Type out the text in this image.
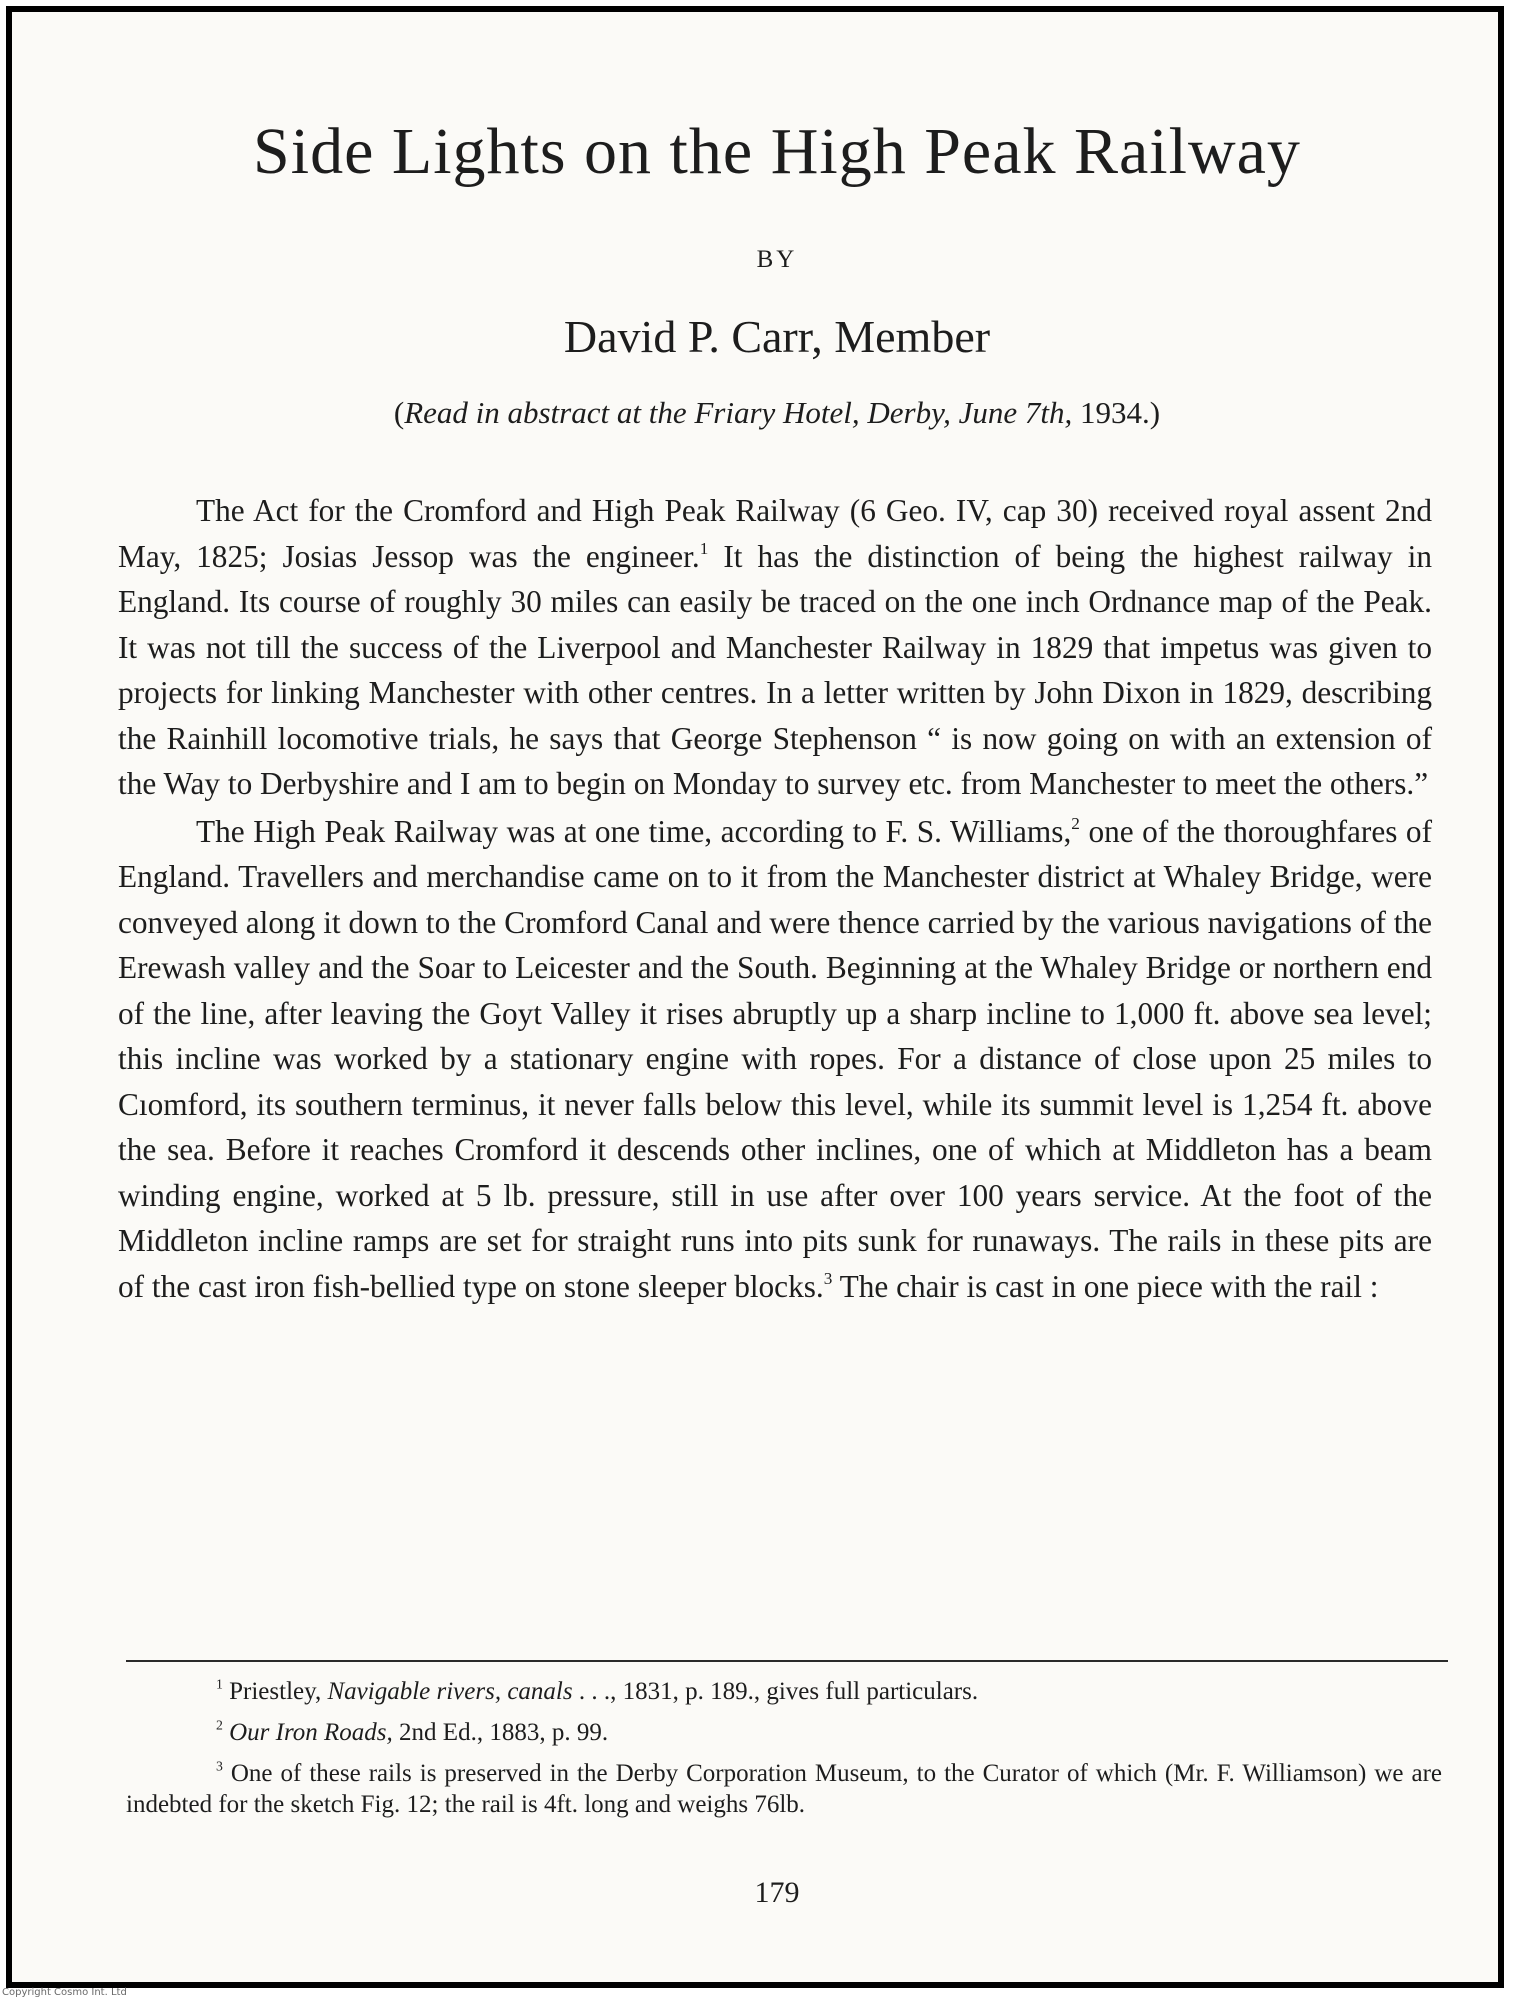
Side Lights on the High Peak Railway

BY

David P. Carr, Member

(Read in abstract at the Friary Hotel, Derby, June 7th, 1934.)

The Act for the Cromford and High Peak Railway (6 Geo. IV, cap 30) received royal assent 2nd May, 1825; Josias Jessop was the engineer.$^1$ It has the distinction of being the highest railway in England. Its course of roughly 30 miles can easily be traced on the one inch Ordnance map of the Peak. It was not till the success of the Liverpool and Manchester Railway in 1829 that impetus was given to projects for linking Manchester with other centres. In a letter written by John Dixon in 1829, describing the Rainhill locomotive trials, he says that George Stephenson “ is now going on with an extension of the Way to Derbyshire and I am to begin on Monday to survey etc. from Manchester to meet the others.”

The High Peak Railway was at one time, according to F. S. Williams,$^2$ one of the thoroughfares of England. Travellers and merchandise came on to it from the Manchester district at Whaley Bridge, were conveyed along it down to the Cromford Canal and were thence carried by the various navigations of the Erewash valley and the Soar to Leicester and the South. Beginning at the Whaley Bridge or northern end of the line, after leaving the Goyt Valley it rises abruptly up a sharp incline to 1,000 ft. above sea level; this incline was worked by a stationary engine with ropes. For a distance of close upon 25 miles to Cıomford, its southern terminus, it never falls below this level, while its summit level is 1,254 ft. above the sea. Before it reaches Cromford it descends other inclines, one of which at Middleton has a beam winding engine, worked at 5 lb. pressure, still in use after over 100 years service. At the foot of the Middleton incline ramps are set for straight runs into pits sunk for runaways. The rails in these pits are of the cast iron fish-bellied type on stone sleeper blocks.$^3$ The chair is cast in one piece with the rail :

$^1$ Priestley, Navigable rivers, canals . . ., 1831, p. 189., gives full particulars.

$^2$ Our Iron Roads, 2nd Ed., 1883, p. 99.

$^3$ One of these rails is preserved in the Derby Corporation Museum, to the Curator of which (Mr. F. Williamson) we are indebted for the sketch Fig. 12; the rail is 4ft. long and weighs 76lb.

179

Copyright Cosmo Int. Ltd
